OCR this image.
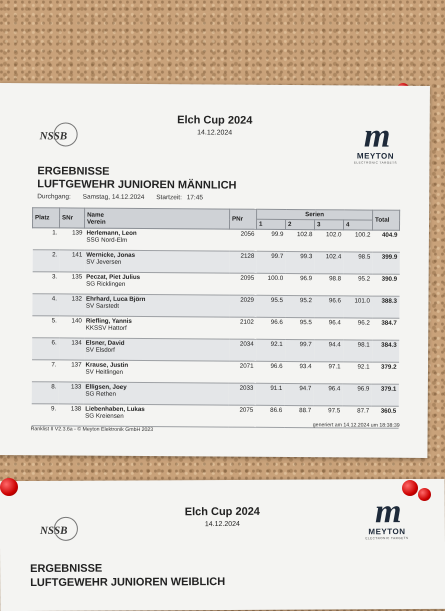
Elch Cup 2024
14.12.2024
NSSB	m
MEYTON
ELECTRONIC TARGETS
ERGEBNISSE
LUFTGEWEHR JUNIOREN MÄNNLICH
Durchgang: Samstag, 14.12.2024 Startzeit: 17:45
Platz	SNr	Name
Verein	PNr	Serien				Total
				1	2	3	4	
1.	139	Herlemann, Leon
SSG Nord-Elm	2056	99.9	102.8	102.0	100.2	404.9
2.	141	Wernicke, Jonas
SV Jeversen	2128	99.7	99.3	102.4	98.5	399.9
3.	135	Peczat, Piet Julius
SG Ricklingen	2095	100.0	96.9	98.8	95.2	390.9
4.	132	Ehrhard, Luca Björn
SV Sarstedt	2029	95.5	95.2	96.6	101.0	388.3
5.	140	Riefling, Yannis
KKSSV Hattorf	2102	96.6	95.5	96.4	96.2	384.7
6.	134	Elsner, David
SV Elsdorf	2034	92.1	99.7	94.4	98.1	384.3
7.	137	Krause, Justin
SV Heitlingen	2071	96.6	93.4	97.1	92.1	379.2
8.	133	Elligsen, Joey
SG Rethen	2033	91.1	94.7	96.4	96.9	379.1
9.	138	Liebenhaben, Lukas
SG Kreiensen	2075	86.6	88.7	97.5	87.7	360.5
Ranklist II V2.3.6a - © Meyton Elektronik GmbH 2023
generiert am 14.12.2024 um 18:38:39
Elch Cup 2024
14.12.2024
NSSB
m
MEYTON
ELECTRONIC TARGETS
ERGEBNISSE
LUFTGEWEHR JUNIOREN WEIBLICH
